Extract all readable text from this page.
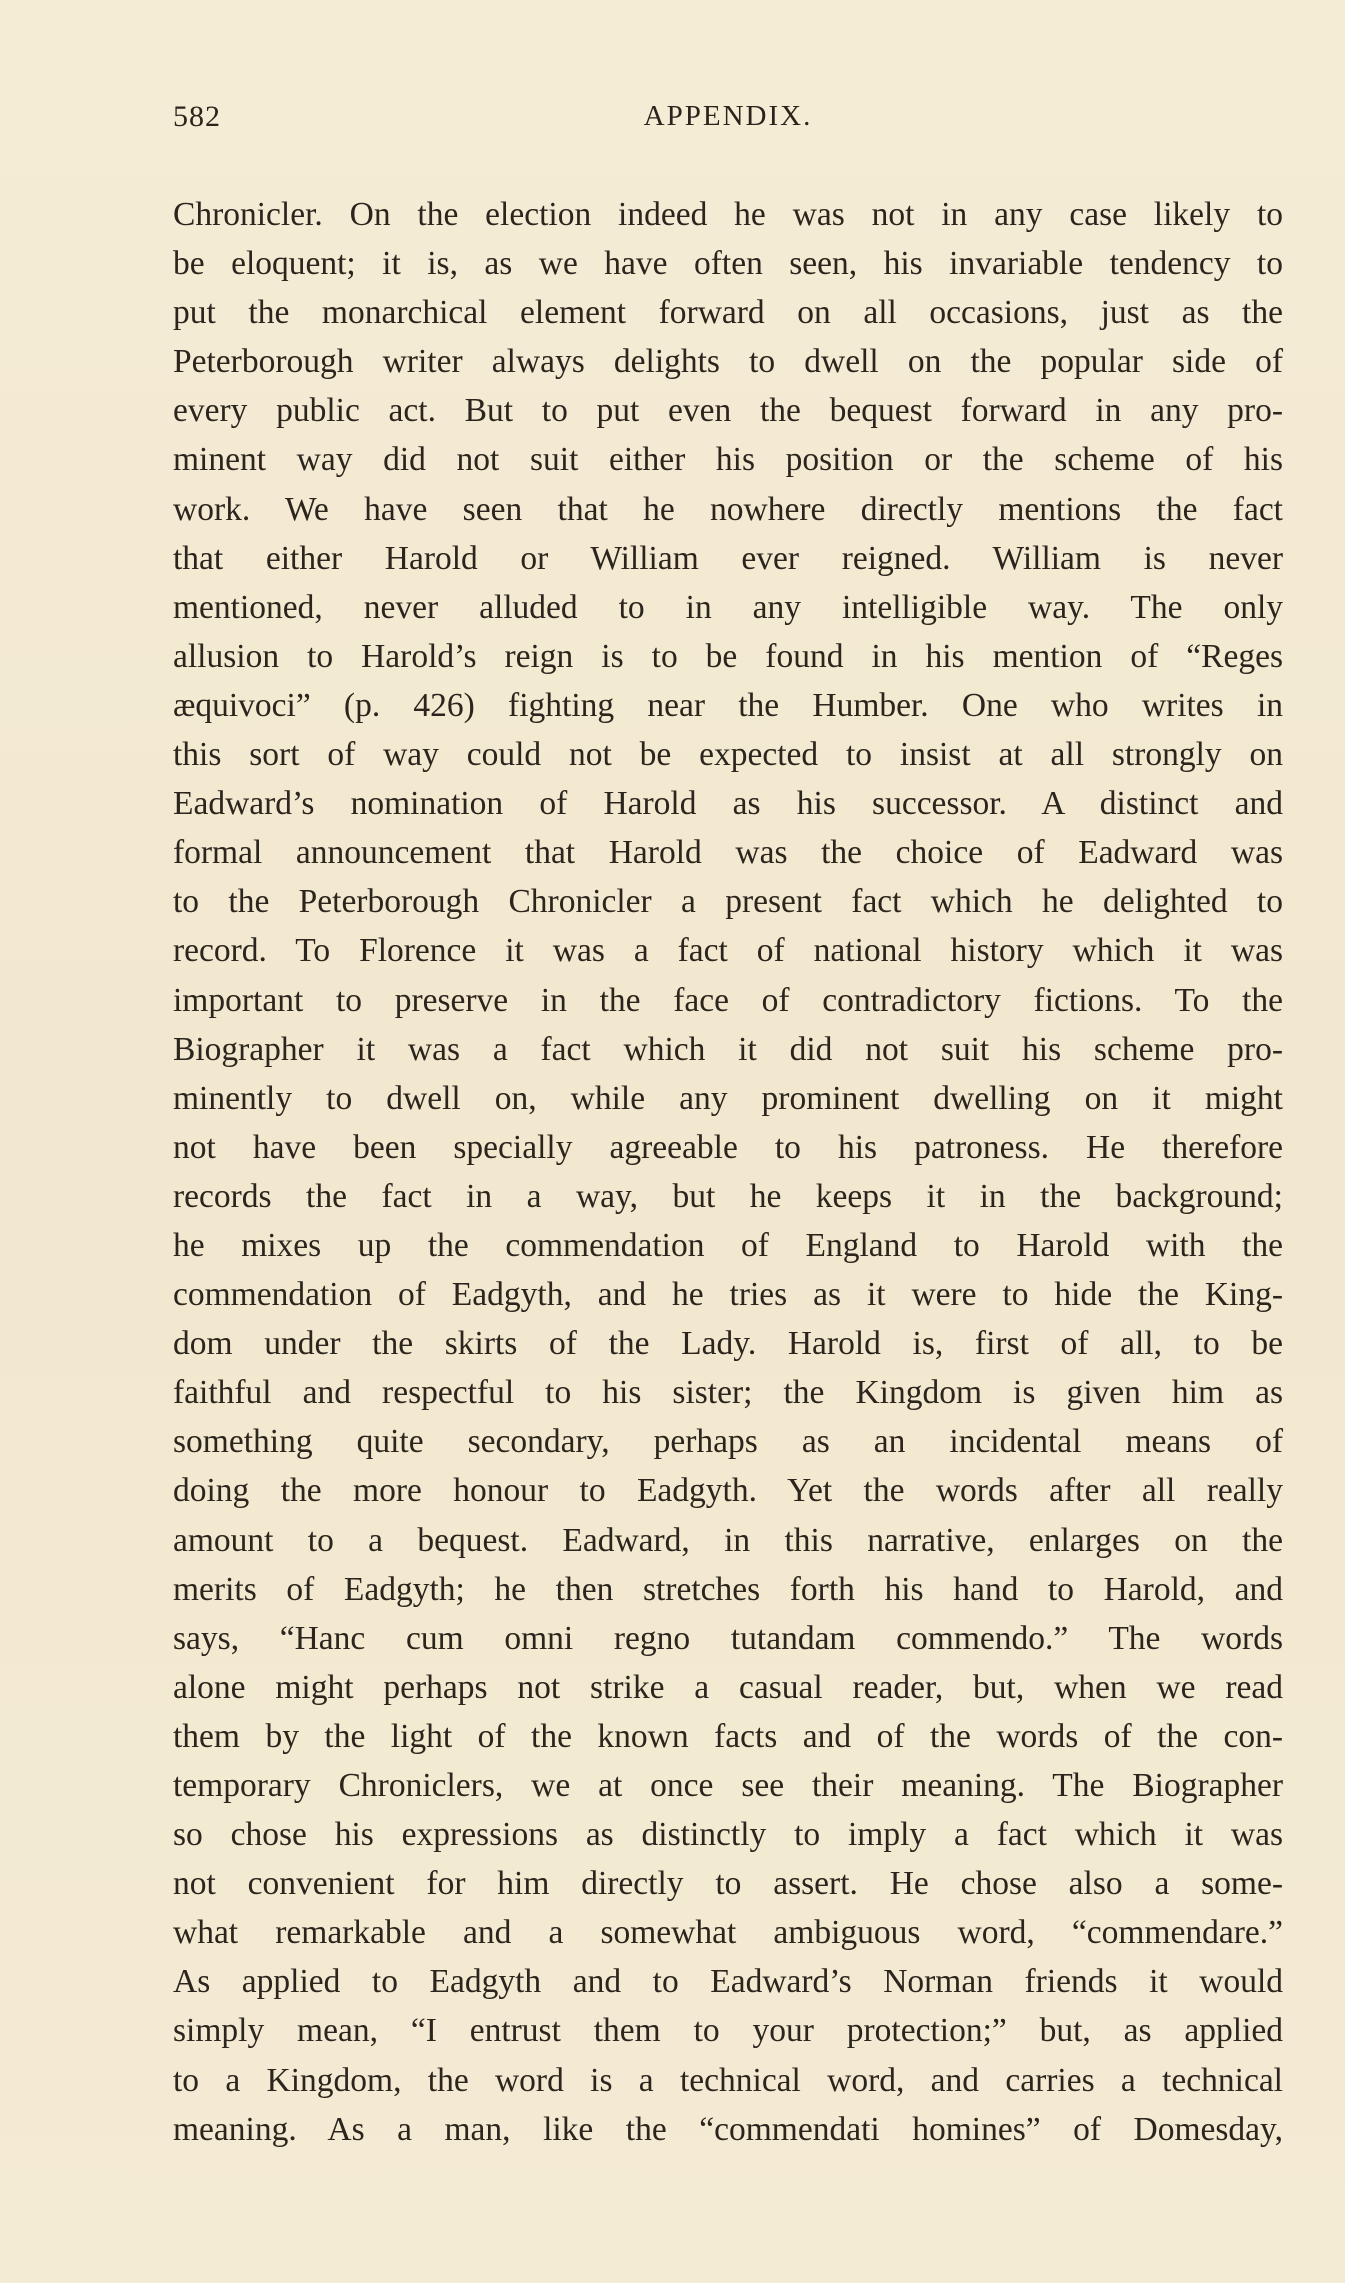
582	APPENDIX.
Chronicler. On the election indeed he was not in any case likely to
be eloquent; it is, as we have often seen, his invariable tendency to
put the monarchical element forward on all occasions, just as the
Peterborough writer always delights to dwell on the popular side of
every public act. But to put even the bequest forward in any pro-
minent way did not suit either his position or the scheme of his
work. We have seen that he nowhere directly mentions the fact
that either Harold or William ever reigned. William is never
mentioned, never alluded to in any intelligible way. The only
allusion to Harold’s reign is to be found in his mention of “Reges
æquivoci” (p. 426) fighting near the Humber. One who writes in
this sort of way could not be expected to insist at all strongly on
Eadward’s nomination of Harold as his successor. A distinct and
formal announcement that Harold was the choice of Eadward was
to the Peterborough Chronicler a present fact which he delighted to
record. To Florence it was a fact of national history which it was
important to preserve in the face of contradictory fictions. To the
Biographer it was a fact which it did not suit his scheme pro-
minently to dwell on, while any prominent dwelling on it might
not have been specially agreeable to his patroness. He therefore
records the fact in a way, but he keeps it in the background;
he mixes up the commendation of England to Harold with the
commendation of Eadgyth, and he tries as it were to hide the King-
dom under the skirts of the Lady. Harold is, first of all, to be
faithful and respectful to his sister; the Kingdom is given him as
something quite secondary, perhaps as an incidental means of
doing the more honour to Eadgyth. Yet the words after all really
amount to a bequest. Eadward, in this narrative, enlarges on the
merits of Eadgyth; he then stretches forth his hand to Harold, and
says, “Hanc cum omni regno tutandam commendo.” The words
alone might perhaps not strike a casual reader, but, when we read
them by the light of the known facts and of the words of the con-
temporary Chroniclers, we at once see their meaning. The Biographer
so chose his expressions as distinctly to imply a fact which it was
not convenient for him directly to assert. He chose also a some-
what remarkable and a somewhat ambiguous word, “commendare.”
As applied to Eadgyth and to Eadward’s Norman friends it would
simply mean, “I entrust them to your protection;” but, as applied
to a Kingdom, the word is a technical word, and carries a technical
meaning. As a man, like the “commendati homines” of Domesday,
